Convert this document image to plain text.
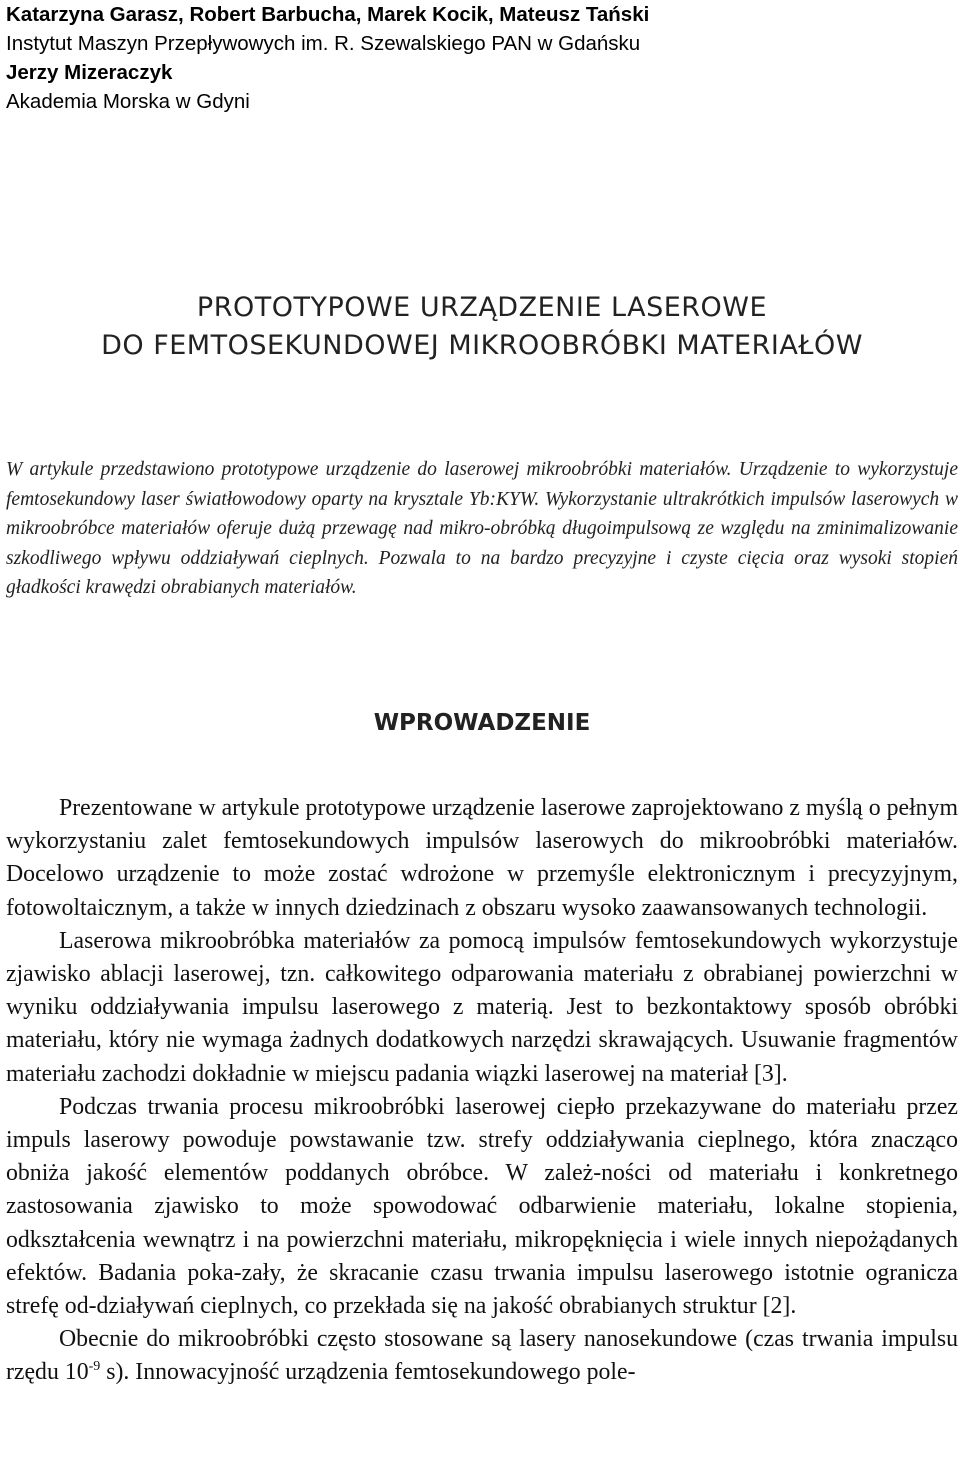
Katarzyna Garasz, Robert Barbucha, Marek Kocik, Mateusz Tański
Instytut Maszyn Przepływowych im. R. Szewalskiego PAN w Gdańsku
Jerzy Mizeraczyk
Akademia Morska w Gdyni
PROTOTYPOWE URZĄDZENIE LASEROWE
DO FEMTOSEKUNDOWEJ MIKROOBRÓBKI MATERIAŁÓW
W artykule przedstawiono prototypowe urządzenie do laserowej mikroobróbki materiałów. Urządzenie to wykorzystuje femtosekundowy laser światłowodowy oparty na krysztale Yb:KYW. Wykorzystanie ultrakrótkich impulsów laserowych w mikroobróbce materiałów oferuje dużą przewagę nad mikro-obróbką długoimpulsową ze względu na zminimalizowanie szkodliwego wpływu oddziaływań cieplnych. Pozwala to na bardzo precyzyjne i czyste cięcia oraz wysoki stopień gładkości krawędzi obrabianych materiałów.
WPROWADZENIE

Prezentowane w artykule prototypowe urządzenie laserowe zaprojektowano z myślą o pełnym wykorzystaniu zalet femtosekundowych impulsów laserowych do mikroobróbki materiałów. Docelowo urządzenie to może zostać wdrożone w przemyśle elektronicznym i precyzyjnym, fotowoltaicznym, a także w innych dziedzinach z obszaru wysoko zaawansowanych technologii.

Laserowa mikroobróbka materiałów za pomocą impulsów femtosekundowych wykorzystuje zjawisko ablacji laserowej, tzn. całkowitego odparowania materiału z obrabianej powierzchni w wyniku oddziaływania impulsu laserowego z materią. Jest to bezkontaktowy sposób obróbki materiału, który nie wymaga żadnych dodatkowych narzędzi skrawających. Usuwanie fragmentów materiału zachodzi dokładnie w miejscu padania wiązki laserowej na materiał [3].

Podczas trwania procesu mikroobróbki laserowej ciepło przekazywane do materiału przez impuls laserowy powoduje powstawanie tzw. strefy oddziaływania cieplnego, która znacząco obniża jakość elementów poddanych obróbce. W zależ-ności od materiału i konkretnego zastosowania zjawisko to może spowodować odbarwienie materiału, lokalne stopienia, odkształcenia wewnątrz i na powierzchni materiału, mikropęknięcia i wiele innych niepożądanych efektów. Badania poka-zały, że skracanie czasu trwania impulsu laserowego istotnie ogranicza strefę od-działywań cieplnych, co przekłada się na jakość obrabianych struktur [2].

Obecnie do mikroobróbki często stosowane są lasery nanosekundowe (czas trwania impulsu rzędu $10^{-9}$ s). Innowacyjność urządzenia femtosekundowego pole-
